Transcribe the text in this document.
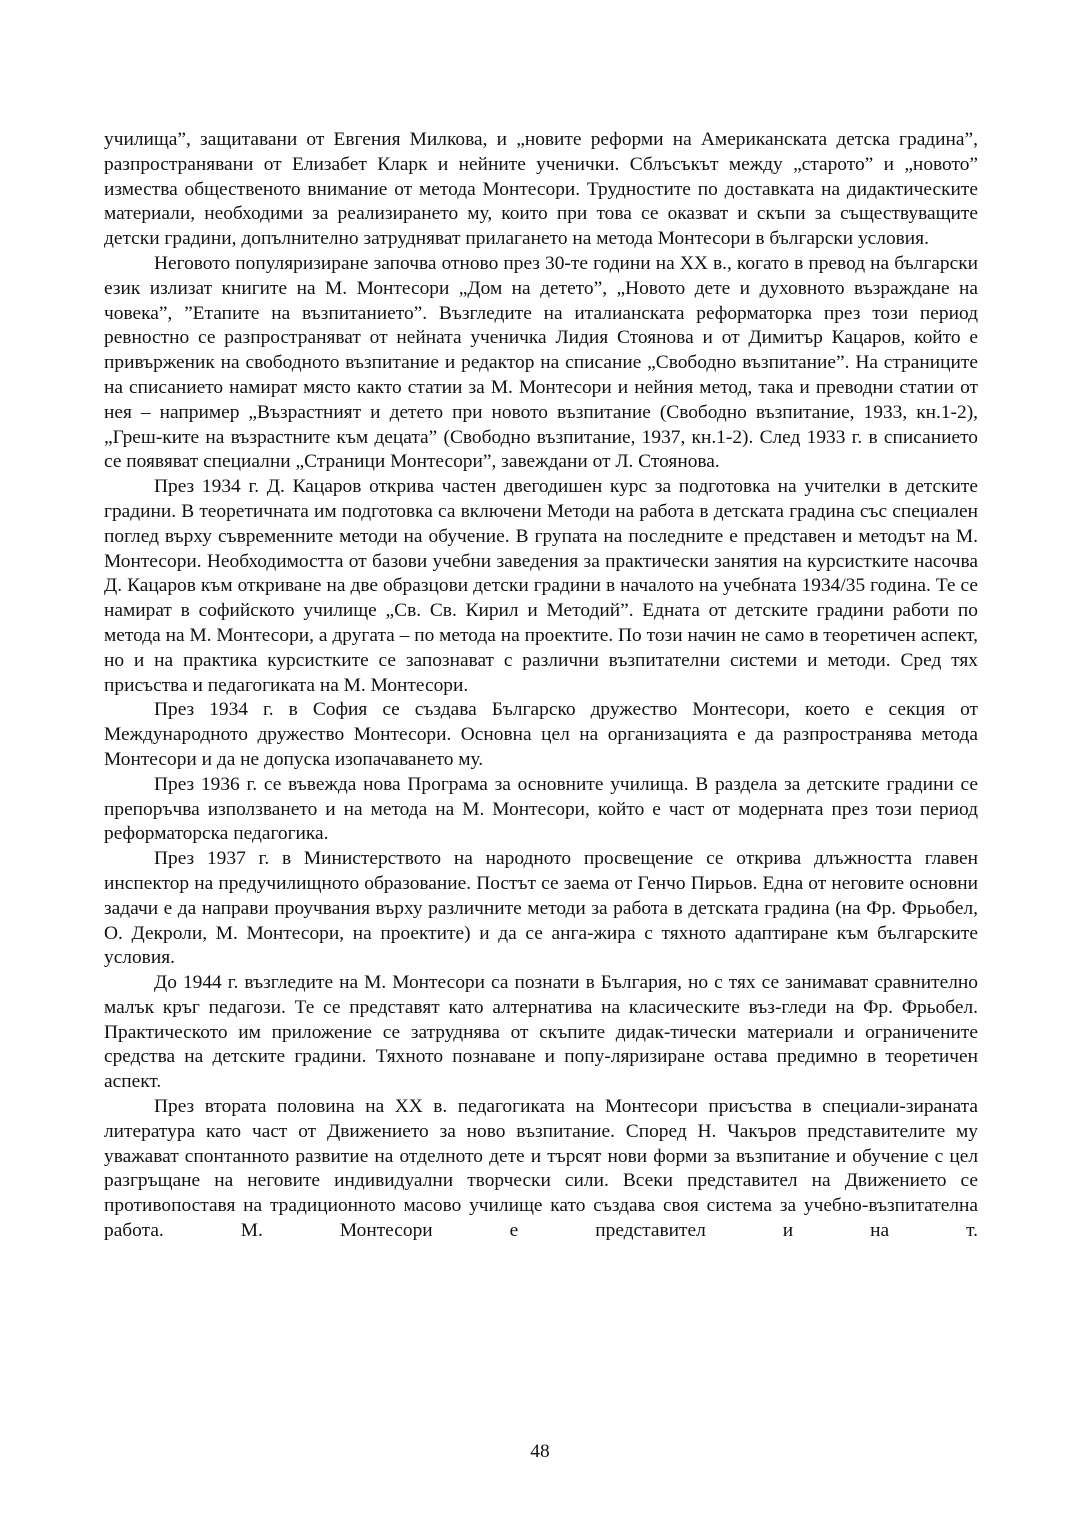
училища”, защитавани от Евгения Милкова, и „новите реформи на Американската детска градина”, разпространявани от Елизабет Кларк и нейните ученички. Сблъсъкът между „старото” и „новото” измества общественото внимание от метода Монтесори. Трудностите по доставката на дидактическите материали, необходими за реализирането му, които при това се оказват и скъпи за съществуващите детски градини, допълнително затрудняват прилагането на метода Монтесори в български условия.

Неговото популяризиране започва отново през 30-те години на ХХ в., когато в превод на български език излизат книгите на М. Монтесори „Дом на детето”, „Новото дете и духовното възраждане на човека”, ”Етапите на възпитанието”. Възгледите на италианската реформаторка през този период ревностно се разпространяват от нейната ученичка Лидия Стоянова и от Димитър Кацаров, който е привърженик на свободното възпитание и редактор на списание „Свободно възпитание”. На страниците на списанието намират място както статии за М. Монтесори и нейния метод, така и преводни статии от нея – например „Възрастният и детето при новото възпитание (Свободно възпитание, 1933, кн.1-2), „Греш-ките на възрастните към децата” (Свободно възпитание, 1937, кн.1-2). След 1933 г. в списанието се появяват специални „Страници Монтесори”, завеждани от Л. Стоянова.

През 1934 г. Д. Кацаров открива частен двегодишен курс за подготовка на учителки в детските градини. В теоретичната им подготовка са включени Методи на работа в детската градина със специален поглед върху съвременните методи на обучение. В групата на последните е представен и методът на М. Монтесори. Необходимостта от базови учебни заведения за практически занятия на курсистките насочва Д. Кацаров към откриване на две образцови детски градини в началото на учебната 1934/35 година. Те се намират в софийското училище „Св. Св. Кирил и Методий”. Едната от детските градини работи по метода на М. Монтесори, а другата – по метода на проектите. По този начин не само в теоретичен аспект, но и на практика курсистките се запознават с различни възпитателни системи и методи. Сред тях присъства и педагогиката на М. Монтесори.

През 1934 г. в София се създава Българско дружество Монтесори, което е секция от Международното дружество Монтесори. Основна цел на организацията е да разпространява метода Монтесори и да не допуска изопачаването му.

През 1936 г. се въвежда нова Програма за основните училища. В раздела за детските градини се препоръчва използването и на метода на М. Монтесори, който е част от модерната през този период реформаторска педагогика.

През 1937 г. в Министерството на народното просвещение се открива длъжността главен инспектор на предучилищното образование. Постът се заема от Генчо Пирьов. Една от неговите основни задачи е да направи проучвания върху различните методи за работа в детската градина (на Фр. Фрьобел, О. Декроли, М. Монтесори, на проектите) и да се анга-жира с тяхното адаптиране към българските условия.

До 1944 г. възгледите на М. Монтесори са познати в България, но с тях се занимават сравнително малък кръг педагози. Те се представят като алтернатива на класическите въз-гледи на Фр. Фрьобел. Практическото им приложение се затруднява от скъпите дидак-тически материали и ограничените средства на детските градини. Тяхното познаване и попу-ляризиране остава предимно в теоретичен аспект.

През втората половина на ХХ в. педагогиката на Монтесори присъства в специали-зираната литература като част от Движението за ново възпитание. Според Н. Чакъров представителите му уважават спонтанното развитие на отделното дете и търсят нови форми за възпитание и обучение с цел разгръщане на неговите индивидуални творчески сили. Всеки представител на Движението се противопоставя на традиционното масово училище като създава своя система за учебно-възпитателна работа. М. Монтесори е представител и на т.

48
